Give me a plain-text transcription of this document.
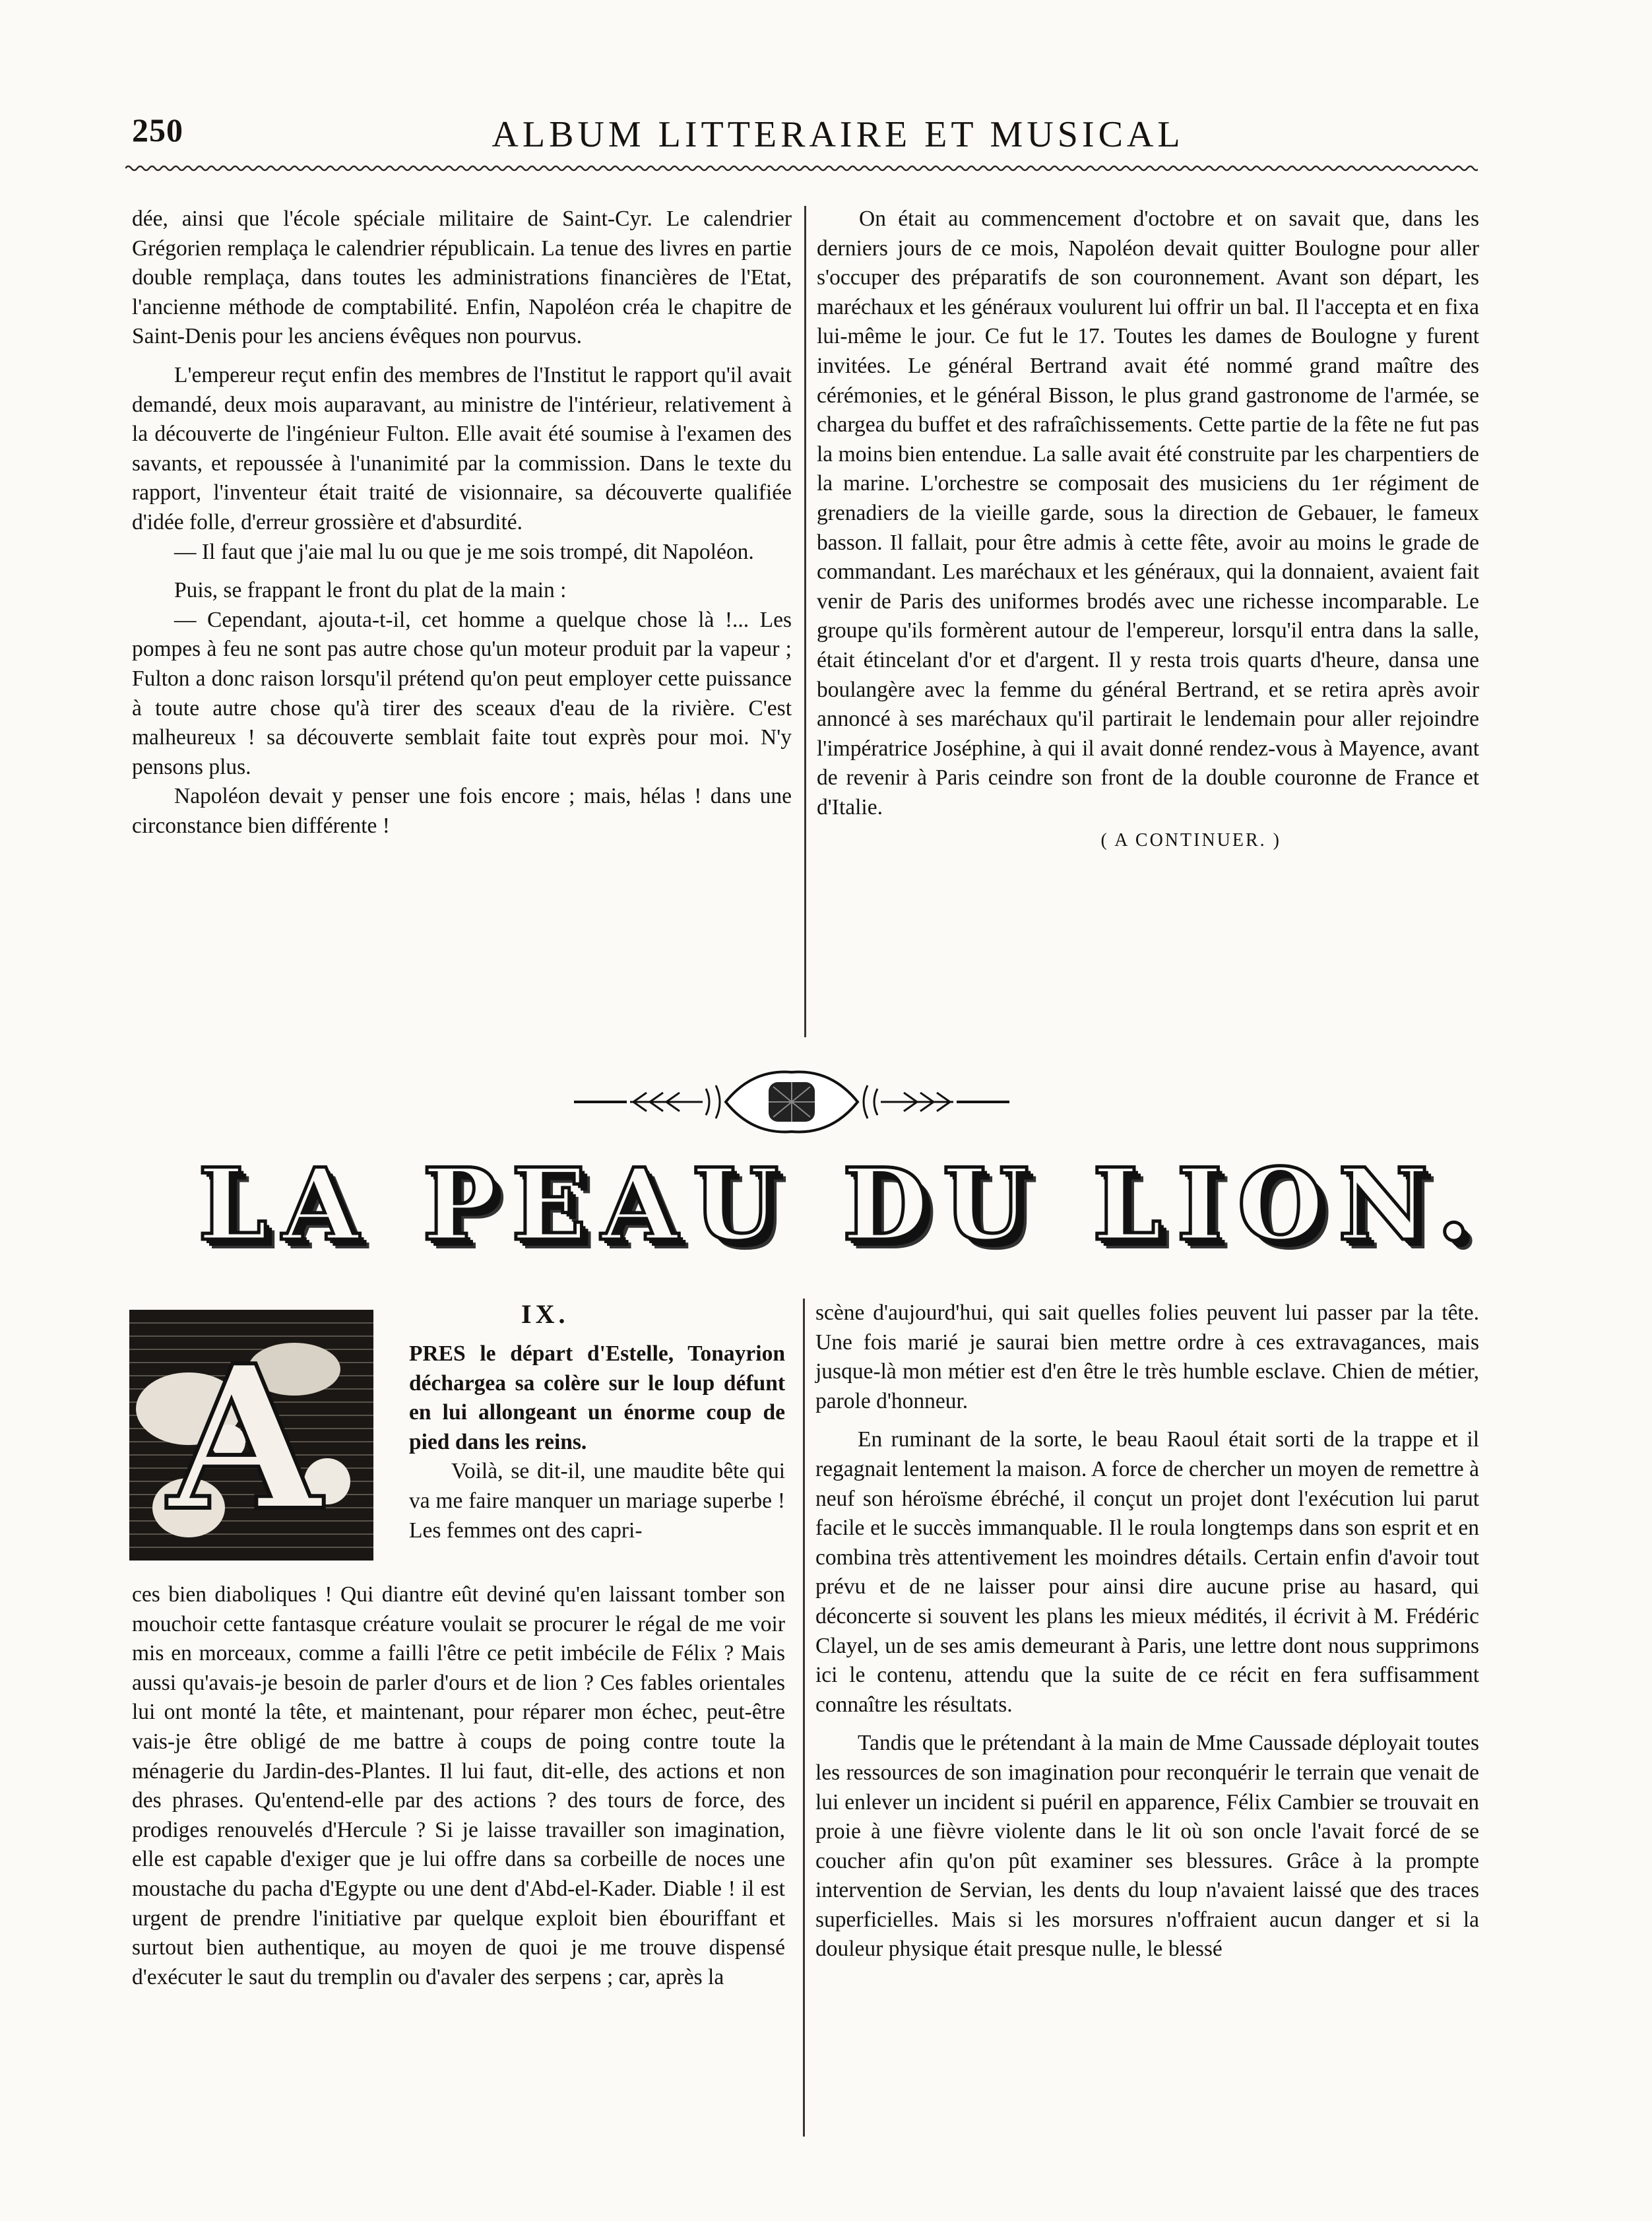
250	ALBUM LITTERAIRE ET MUSICAL

dée, ainsi que l'école spéciale militaire de Saint-Cyr. Le calendrier Grégorien remplaça le calendrier républicain. La tenue des livres en partie double remplaça, dans toutes les administrations financières de l'Etat, l'ancienne méthode de comptabilité. Enfin, Napoléon créa le chapitre de Saint-Denis pour les anciens évêques non pourvus.

L'empereur reçut enfin des membres de l'Institut le rapport qu'il avait demandé, deux mois auparavant, au ministre de l'intérieur, relativement à la découverte de l'ingénieur Fulton. Elle avait été soumise à l'examen des savants, et repoussée à l'unanimité par la commission. Dans le texte du rapport, l'inventeur était traité de visionnaire, sa découverte qualifiée d'idée folle, d'erreur grossière et d'absurdité.

— Il faut que j'aie mal lu ou que je me sois trompé, dit Napoléon.

Puis, se frappant le front du plat de la main :

— Cependant, ajouta-t-il, cet homme a quelque chose là !... Les pompes à feu ne sont pas autre chose qu'un moteur produit par la vapeur ; Fulton a donc raison lorsqu'il prétend qu'on peut employer cette puissance à toute autre chose qu'à tirer des sceaux d'eau de la rivière. C'est malheureux ! sa découverte semblait faite tout exprès pour moi. N'y pensons plus.

Napoléon devait y penser une fois encore ; mais, hélas ! dans une circonstance bien différente !

On était au commencement d'octobre et on savait que, dans les derniers jours de ce mois, Napoléon devait quitter Boulogne pour aller s'occuper des préparatifs de son couronnement. Avant son départ, les maréchaux et les généraux voulurent lui offrir un bal. Il l'accepta et en fixa lui-même le jour. Ce fut le 17. Toutes les dames de Boulogne y furent invitées. Le général Bertrand avait été nommé grand maître des cérémonies, et le général Bisson, le plus grand gastronome de l'armée, se chargea du buffet et des rafraîchissements. Cette partie de la fête ne fut pas la moins bien entendue. La salle avait été construite par les charpentiers de la marine. L'orchestre se composait des musiciens du 1er régiment de grenadiers de la vieille garde, sous la direction de Gebauer, le fameux basson. Il fallait, pour être admis à cette fête, avoir au moins le grade de commandant. Les maréchaux et les généraux, qui la donnaient, avaient fait venir de Paris des uniformes brodés avec une richesse incomparable. Le groupe qu'ils formèrent autour de l'empereur, lorsqu'il entra dans la salle, était étincelant d'or et d'argent. Il y resta trois quarts d'heure, dansa une boulangère avec la femme du général Bertrand, et se retira après avoir annoncé à ses maréchaux qu'il partirait le lendemain pour aller rejoindre l'impératrice Joséphine, à qui il avait donné rendez-vous à Mayence, avant de revenir à Paris ceindre son front de la double couronne de France et d'Italie.

( A CONTINUER. )

LA PEAU DU LION.
IX.
A	PRES le départ d'Estelle, Tonayrion déchargea sa colère sur le loup défunt en lui allongeant un énorme coup de pied dans les reins.

Voilà, se dit-il, une maudite bête qui va me faire manquer un mariage superbe ! Les femmes ont des capri-

ces bien diaboliques ! Qui diantre eût deviné qu'en laissant tomber son mouchoir cette fantasque créature voulait se procurer le régal de me voir mis en morceaux, comme a failli l'être ce petit imbécile de Félix ? Mais aussi qu'avais-je besoin de parler d'ours et de lion ? Ces fables orientales lui ont monté la tête, et maintenant, pour réparer mon échec, peut-être vais-je être obligé de me battre à coups de poing contre toute la ménagerie du Jardin-des-Plantes. Il lui faut, dit-elle, des actions et non des phrases. Qu'entend-elle par des actions ? des tours de force, des prodiges renouvelés d'Hercule ? Si je laisse travailler son imagination, elle est capable d'exiger que je lui offre dans sa corbeille de noces une moustache du pacha d'Egypte ou une dent d'Abd-el-Kader. Diable ! il est urgent de prendre l'initiative par quelque exploit bien ébouriffant et surtout bien authentique, au moyen de quoi je me trouve dispensé d'exécuter le saut du tremplin ou d'avaler des serpens ; car, après la

scène d'aujourd'hui, qui sait quelles folies peuvent lui passer par la tête. Une fois marié je saurai bien mettre ordre à ces extravagances, mais jusque-là mon métier est d'en être le très humble esclave. Chien de métier, parole d'honneur.

En ruminant de la sorte, le beau Raoul était sorti de la trappe et il regagnait lentement la maison. A force de chercher un moyen de remettre à neuf son héroïsme ébréché, il conçut un projet dont l'exécution lui parut facile et le succès immanquable. Il le roula longtemps dans son esprit et en combina très attentivement les moindres détails. Certain enfin d'avoir tout prévu et de ne laisser pour ainsi dire aucune prise au hasard, qui déconcerte si souvent les plans les mieux médités, il écrivit à M. Frédéric Clayel, un de ses amis demeurant à Paris, une lettre dont nous supprimons ici le contenu, attendu que la suite de ce récit en fera suffisamment connaître les résultats.

Tandis que le prétendant à la main de Mme Caussade déployait toutes les ressources de son imagination pour reconquérir le terrain que venait de lui enlever un incident si puéril en apparence, Félix Cambier se trouvait en proie à une fièvre violente dans le lit où son oncle l'avait forcé de se coucher afin qu'on pût examiner ses blessures. Grâce à la prompte intervention de Servian, les dents du loup n'avaient laissé que des traces superficielles. Mais si les morsures n'offraient aucun danger et si la douleur physique était presque nulle, le blessé
